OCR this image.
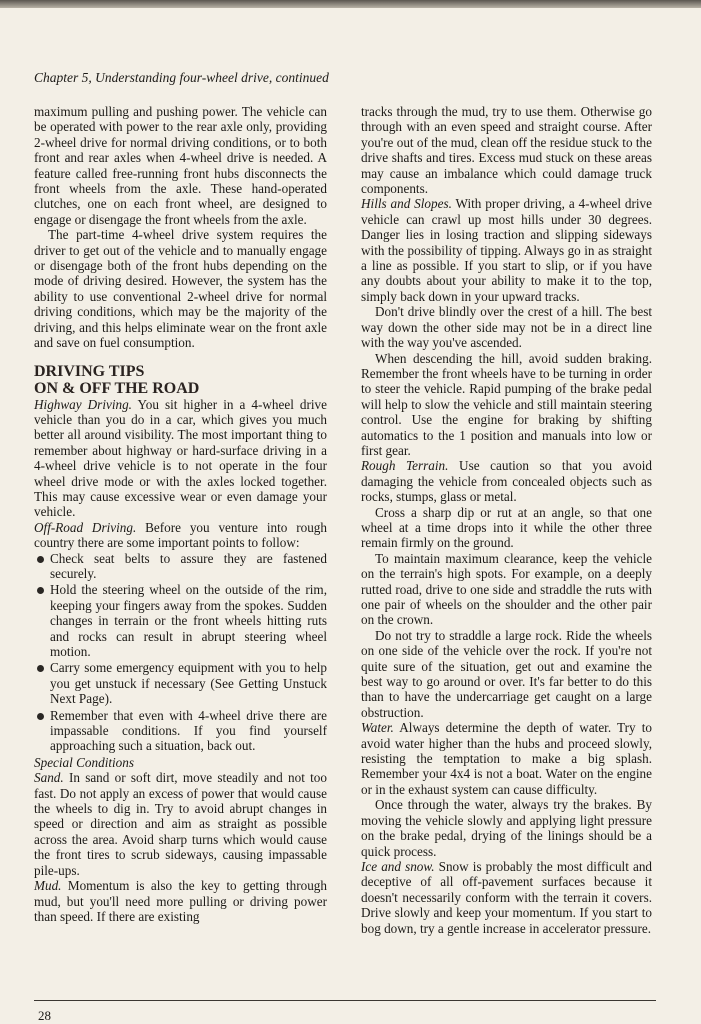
Chapter 5, Understanding four-wheel drive, continued

maximum pulling and pushing power. The vehicle can be operated with power to the rear axle only, providing 2-wheel drive for normal driving conditions, or to both front and rear axles when 4-wheel drive is needed. A feature called free-running front hubs disconnects the front wheels from the axle. These hand-operated clutches, one on each front wheel, are designed to engage or disengage the front wheels from the axle.

The part-time 4-wheel drive system requires the driver to get out of the vehicle and to manually engage or disengage both of the front hubs depending on the mode of driving desired. However, the system has the ability to use conventional 2-wheel drive for normal driving conditions, which may be the majority of the driving, and this helps eliminate wear on the front axle and save on fuel consumption.

DRIVING TIPS
ON & OFF THE ROAD

Highway Driving. You sit higher in a 4-wheel drive vehicle than you do in a car, which gives you much better all around visibility. The most important thing to remember about highway or hard-surface driving in a 4-wheel drive vehicle is to not operate in the four wheel drive mode or with the axles locked together. This may cause excessive wear or even damage your vehicle.

Off-Road Driving. Before you venture into rough country there are some important points to follow:

Check seat belts to assure they are fastened securely.
Hold the steering wheel on the outside of the rim, keeping your fingers away from the spokes. Sudden changes in terrain or the front wheels hitting ruts and rocks can result in abrupt steering wheel motion.
Carry some emergency equipment with you to help you get unstuck if necessary (See Getting Unstuck Next Page).
Remember that even with 4-wheel drive there are impassable conditions. If you find yourself approaching such a situation, back out.

Special Conditions

Sand. In sand or soft dirt, move steadily and not too fast. Do not apply an excess of power that would cause the wheels to dig in. Try to avoid abrupt changes in speed or direction and aim as straight as possible across the area. Avoid sharp turns which would cause the front tires to scrub sideways, causing impassable pile-ups.

Mud. Momentum is also the key to getting through mud, but you'll need more pulling or driving power than speed. If there are existing

tracks through the mud, try to use them. Otherwise go through with an even speed and straight course. After you're out of the mud, clean off the residue stuck to the drive shafts and tires. Excess mud stuck on these areas may cause an imbalance which could damage truck components.

Hills and Slopes. With proper driving, a 4-wheel drive vehicle can crawl up most hills under 30 degrees. Danger lies in losing traction and slipping sideways with the possibility of tipping. Always go in as straight a line as possible. If you start to slip, or if you have any doubts about your ability to make it to the top, simply back down in your upward tracks.

Don't drive blindly over the crest of a hill. The best way down the other side may not be in a direct line with the way you've ascended.

When descending the hill, avoid sudden braking. Remember the front wheels have to be turning in order to steer the vehicle. Rapid pumping of the brake pedal will help to slow the vehicle and still maintain steering control. Use the engine for braking by shifting automatics to the 1 position and manuals into low or first gear.

Rough Terrain. Use caution so that you avoid damaging the vehicle from concealed objects such as rocks, stumps, glass or metal.

Cross a sharp dip or rut at an angle, so that one wheel at a time drops into it while the other three remain firmly on the ground.

To maintain maximum clearance, keep the vehicle on the terrain's high spots. For example, on a deeply rutted road, drive to one side and straddle the ruts with one pair of wheels on the shoulder and the other pair on the crown.

Do not try to straddle a large rock. Ride the wheels on one side of the vehicle over the rock. If you're not quite sure of the situation, get out and examine the best way to go around or over. It's far better to do this than to have the undercarriage get caught on a large obstruction.

Water. Always determine the depth of water. Try to avoid water higher than the hubs and proceed slowly, resisting the temptation to make a big splash. Remember your 4x4 is not a boat. Water on the engine or in the exhaust system can cause difficulty.

Once through the water, always try the brakes. By moving the vehicle slowly and applying light pressure on the brake pedal, drying of the linings should be a quick process.

Ice and snow. Snow is probably the most difficult and deceptive of all off-pavement surfaces because it doesn't necessarily conform with the terrain it covers. Drive slowly and keep your momentum. If you start to bog down, try a gentle increase in accelerator pressure.

28
